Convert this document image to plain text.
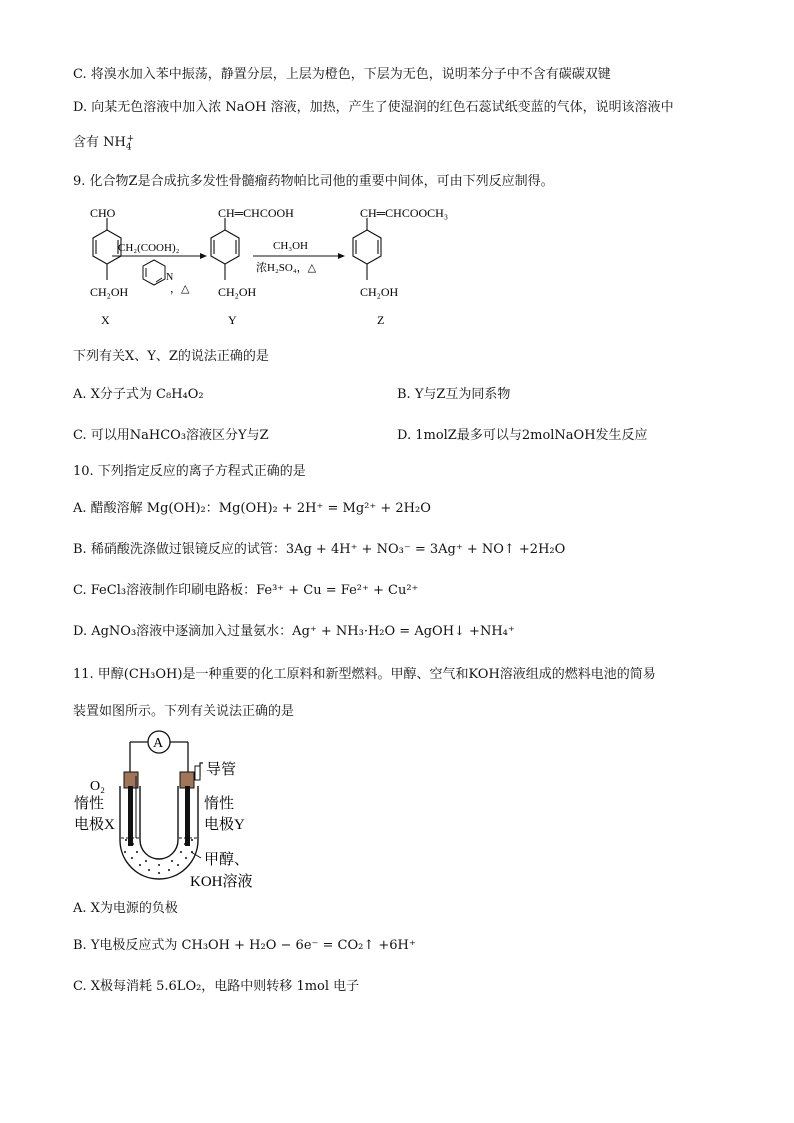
C. 将溴水加入苯中振荡，静置分层，上层为橙色，下层为无色，说明苯分子中不含有碳碳双键
D. 向某无色溶液中加入浓 NaOH 溶液，加热，产生了使湿润的红色石蕊试纸变蓝的气体，说明该溶液中
含有 $NH_4^+$
9. 化合物Z是合成抗多发性骨髓瘤药物帕比司他的重要中间体，可由下列反应制得。
CHO
CH₂OH
X
CH₂(COOH)₂
N
，△
CH═CHCOOH
CH₂OH
Y
CH₃OH
浓H₂SO₄，△
CH═CHCOOCH₃
CH₂OH
Z
下列有关X、Y、Z的说法正确的是
A. X分子式为 C₈H₄O₂	B. Y与Z互为同系物
C. 可以用NaHCO₃溶液区分Y与Z	D. 1molZ最多可以与2molNaOH发生反应
10. 下列指定反应的离子方程式正确的是
A. 醋酸溶解 Mg(OH)₂：Mg(OH)₂ + 2H⁺ = Mg²⁺ + 2H₂O
B. 稀硝酸洗涤做过银镜反应的试管：3Ag + 4H⁺ + NO₃⁻ = 3Ag⁺ + NO↑ +2H₂O
C. FeCl₃溶液制作印刷电路板：Fe³⁺ + Cu = Fe²⁺ + Cu²⁺
D. AgNO₃溶液中逐滴加入过量氨水：Ag⁺ + NH₃·H₂O = AgOH↓ +NH₄⁺
11. 甲醇(CH₃OH)是一种重要的化工原料和新型燃料。甲醇、空气和KOH溶液组成的燃料电池的简易
装置如图所示。下列有关说法正确的是
A
导管
O₂
惰性
电极X
惰性
电极Y
甲醇、
KOH溶液
A. X为电源的负极
B. Y电极反应式为 CH₃OH + H₂O − 6e⁻ = CO₂↑ +6H⁺
C. X极每消耗 5.6LO₂，电路中则转移 1mol 电子
